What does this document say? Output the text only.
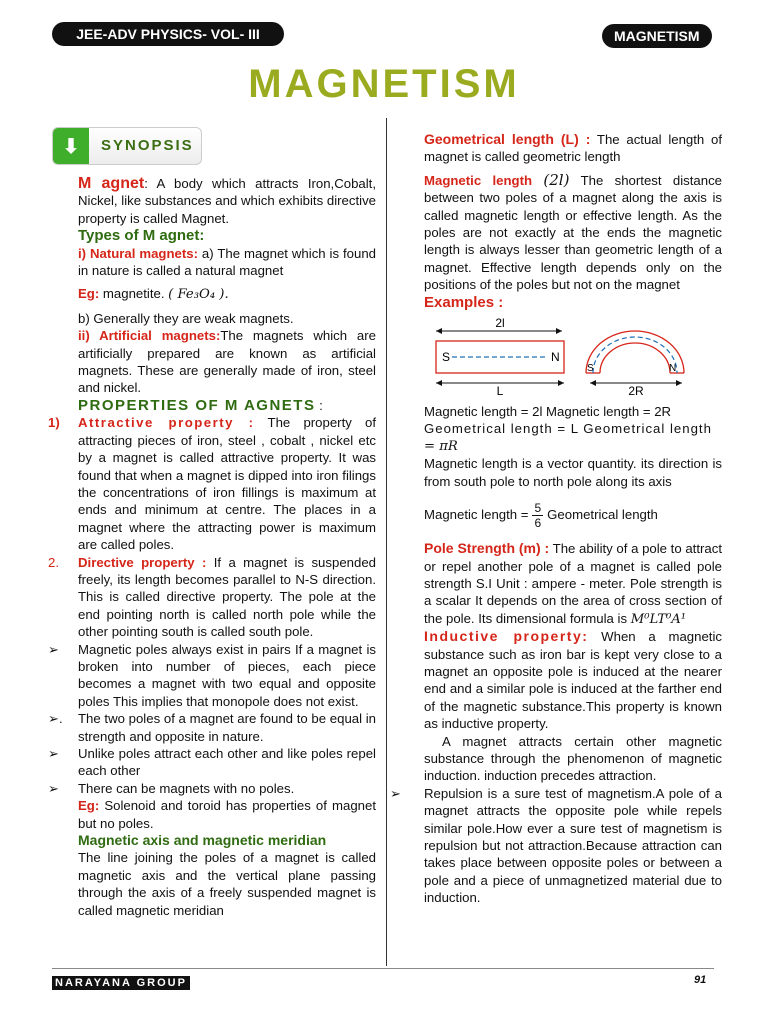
JEE-ADV PHYSICS- VOL- III	MAGNETISM
MAGNETISM
⬇	SYNOPSIS

M agnet: A body which attracts Iron,Cobalt, Nickel, like substances and which exhibits directive property is called Magnet.

Types of M agnet:

i) Natural magnets: a) The magnet which is found in nature is called a natural magnet

Eg: magnetite. ( Fe₃O₄ ).

b) Generally they are weak magnets.

ii) Artificial magnets:The magnets which are artificially prepared are known as artificial magnets. These are generally made of iron, steel and nickel.

PROPERTIES OF M AGNETS :

1) Attractive property : The property of attracting pieces of iron, steel , cobalt , nickel etc by a magnet is called attractive property. It was found that when a magnet is dipped into iron filings the concentrations of iron fillings is maximum at ends and minimum at centre. The places in a magnet where the attracting power is maximum are called poles.

2. Directive property : If a magnet is suspended freely, its length becomes parallel to N-S direction. This is called directive property. The pole at the end pointing north is called north pole while the other pointing south is called south pole.

➢ Magnetic poles always exist in pairs If a magnet is broken into number of pieces, each piece becomes a magnet with two equal and opposite poles This implies that monopole does not exist.

➢. The two poles of a magnet are found to be equal in strength and opposite in nature.

➢ Unlike poles attract each other and like poles repel each other

➢ There can be magnets with no poles.

Eg: Solenoid and toroid has properties of magnet but no poles.

Magnetic axis and magnetic meridian

The line joining the poles of a magnet is called magnetic axis and the vertical plane passing through the axis of a freely suspended magnet is called magnetic meridian

Geometrical length (L) : The actual length of magnet is called geometric length

Magnetic length (2l) The shortest distance between two poles of a magnet along the axis is called magnetic length or effective length. As the poles are not exactly at the ends the magnetic length is always lesser than geometric length of a magnet. Effective length depends only on the positions of the poles but not on the magnet

Examples :

2l
S	N
L
S	N
2R

Magnetic length = 2l Magnetic length = 2R

Geometrical length = L Geometrical length

= πR

Magnetic length is a vector quantity. its direction is from south pole to north pole along its axis

Magnetic length = $\frac{5}{6}$ Geometrical length

Pole Strength (m) : The ability of a pole to attract or repel another pole of a magnet is called pole strength S.I Unit : ampere - meter. Pole strength is a scalar It depends on the area of cross section of the pole. Its dimensional formula is M⁰LT⁰A¹

Inductive property: When a magnetic substance such as iron bar is kept very close to a magnet an opposite pole is induced at the nearer end and a similar pole is induced at the farther end of the magnetic substance.This property is known as inductive property.

A magnet attracts certain other magnetic substance through the phenomenon of magnetic induction. induction precedes attraction.

➢ Repulsion is a sure test of magnetism.A pole of a magnet attracts the opposite pole while repels similar pole.How ever a sure test of magnetism is repulsion but not attraction.Because attraction can takes place between opposite poles or between a pole and a piece of unmagnetized material due to induction.

NARAYANA GROUP	91
